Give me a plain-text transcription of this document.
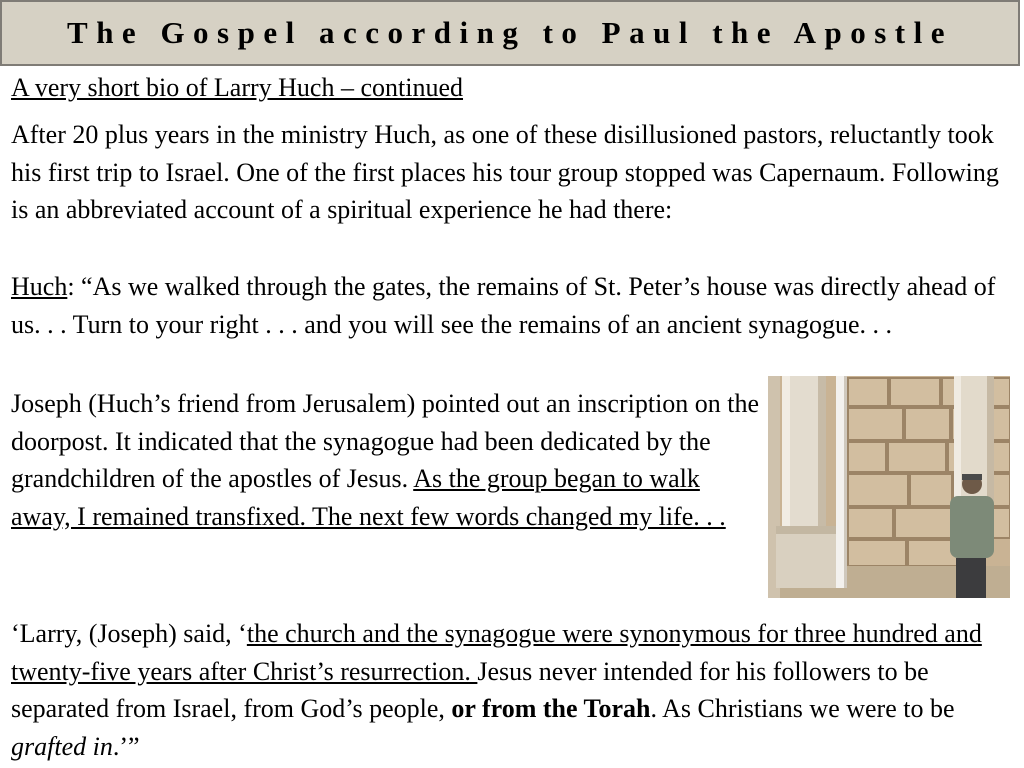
The Gospel according to Paul the Apostle
A very short bio of Larry Huch – continued

After 20 plus years in the ministry Huch, as one of these disillusioned pastors, reluctantly took his first trip to Israel. One of the first places his tour group stopped was Capernaum. Following is an abbreviated account of a spiritual experience he had there:

Huch: “As we walked through the gates, the remains of St. Peter’s house was directly ahead of us. . . Turn to your right . . . and you will see the remains of an ancient synagogue. . .

Joseph (Huch’s friend from Jerusalem) pointed out an inscription on the doorpost. It indicated that the synagogue had been dedicated by the grandchildren of the apostles of Jesus. As the group began to walk away, I remained transfixed. The next few words changed my life. . .

‘Larry, (Joseph) said, ‘the church and the synagogue were synonymous for three hundred and twenty-five years after Christ’s resurrection. Jesus never intended for his followers to be separated from Israel, from God’s people, or from the Torah. As Christians we were to be grafted in.’”
